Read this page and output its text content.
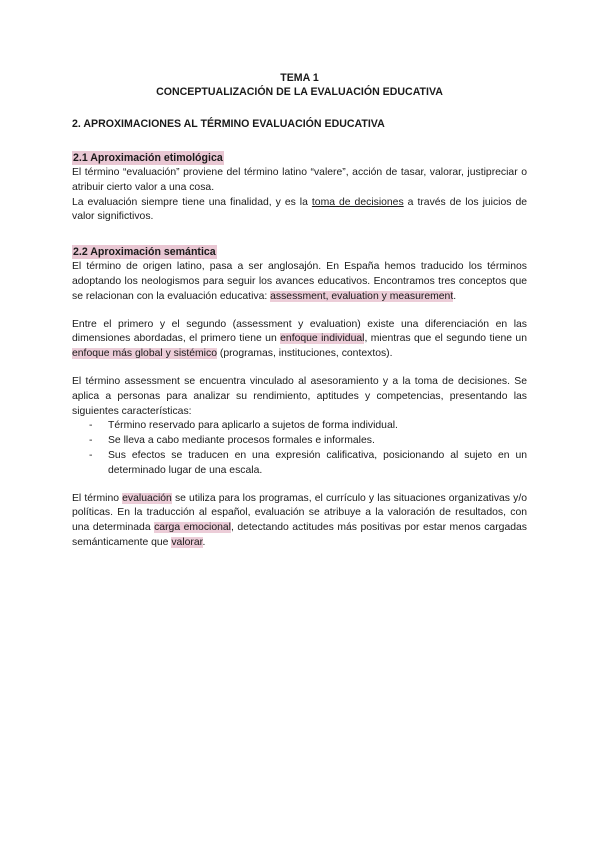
TEMA 1
CONCEPTUALIZACIÓN DE LA EVALUACIÓN EDUCATIVA
2. APROXIMACIONES AL TÉRMINO EVALUACIÓN EDUCATIVA
2.1 Aproximación etimológica

El término “evaluación” proviene del término latino “valere”, acción de tasar, valorar, justipreciar o atribuir cierto valor a una cosa.

La evaluación siempre tiene una finalidad, y es la toma de decisiones a través de los juicios de valor significtivos.

2.2 Aproximación semántica

El término de origen latino, pasa a ser anglosajón. En España hemos traducido los términos adoptando los neologismos para seguir los avances educativos. Encontramos tres conceptos que se relacionan con la evaluación educativa: assessment, evaluation y measurement.

Entre el primero y el segundo (assessment y evaluation) existe una diferenciación en las dimensiones abordadas, el primero tiene un enfoque individual, mientras que el segundo tiene un enfoque más global y sistémico (programas, instituciones, contextos).

El término assessment se encuentra vinculado al asesoramiento y a la toma de decisiones. Se aplica a personas para analizar su rendimiento, aptitudes y competencias, presentando las siguientes características:

- Término reservado para aplicarlo a sujetos de forma individual.
- Se lleva a cabo mediante procesos formales e informales.
- Sus efectos se traducen en una expresión calificativa, posicionando al sujeto en un determinado lugar de una escala.

El término evaluación se utiliza para los programas, el currículo y las situaciones organizativas y/o políticas. En la traducción al español, evaluación se atribuye a la valoración de resultados, con una determinada carga emocional, detectando actitudes más positivas por estar menos cargadas semánticamente que valorar.
